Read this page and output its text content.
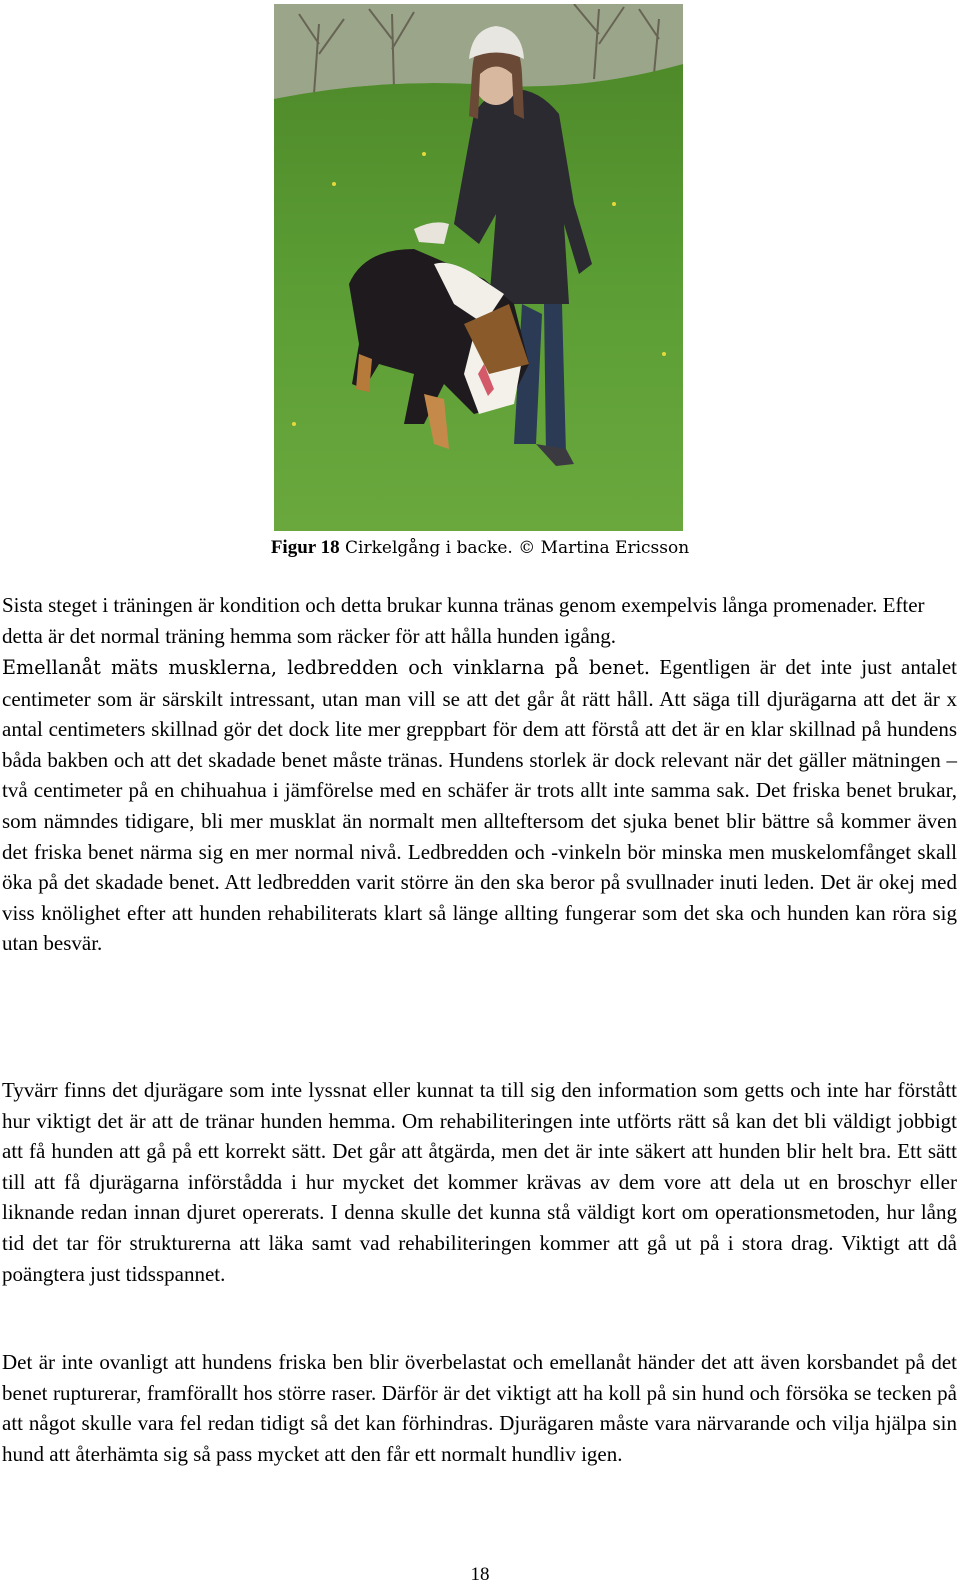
Figur 18 Cirkelgång i backe. © Martina Ericsson

Sista steget i träningen är kondition och detta brukar kunna tränas genom exempelvis långa promenader. Efter detta är det normal träning hemma som räcker för att hålla hunden igång.

Emellanåt mäts musklerna, ledbredden och vinklarna på benet. Egentligen är det inte just antalet centimeter som är särskilt intressant, utan man vill se att det går åt rätt håll. Att säga till djurägarna att det är x antal centimeters skillnad gör det dock lite mer greppbart för dem att förstå att det är en klar skillnad på hundens båda bakben och att det skadade benet måste tränas. Hundens storlek är dock relevant när det gäller mätningen – två centimeter på en chihuahua i jämförelse med en schäfer är trots allt inte samma sak. Det friska benet brukar, som nämndes tidigare, bli mer musklat än normalt men allteftersom det sjuka benet blir bättre så kommer även det friska benet närma sig en mer normal nivå. Ledbredden och -vinkeln bör minska men muskelomfånget skall öka på det skadade benet. Att ledbredden varit större än den ska beror på svullnader inuti leden. Det är okej med viss knölighet efter att hunden rehabiliterats klart så länge allting fungerar som det ska och hunden kan röra sig utan besvär.

Tyvärr finns det djurägare som inte lyssnat eller kunnat ta till sig den information som getts och inte har förstått hur viktigt det är att de tränar hunden hemma. Om rehabiliteringen inte utförts rätt så kan det bli väldigt jobbigt att få hunden att gå på ett korrekt sätt. Det går att åtgärda, men det är inte säkert att hunden blir helt bra. Ett sätt till att få djurägarna införstådda i hur mycket det kommer krävas av dem vore att dela ut en broschyr eller liknande redan innan djuret opererats. I denna skulle det kunna stå väldigt kort om operationsmetoden, hur lång tid det tar för strukturerna att läka samt vad rehabiliteringen kommer att gå ut på i stora drag. Viktigt att då poängtera just tidsspannet.

Det är inte ovanligt att hundens friska ben blir överbelastat och emellanåt händer det att även korsbandet på det benet rupturerar, framförallt hos större raser. Därför är det viktigt att ha koll på sin hund och försöka se tecken på att något skulle vara fel redan tidigt så det kan förhindras. Djurägaren måste vara närvarande och vilja hjälpa sin hund att återhämta sig så pass mycket att den får ett normalt hundliv igen.

18
